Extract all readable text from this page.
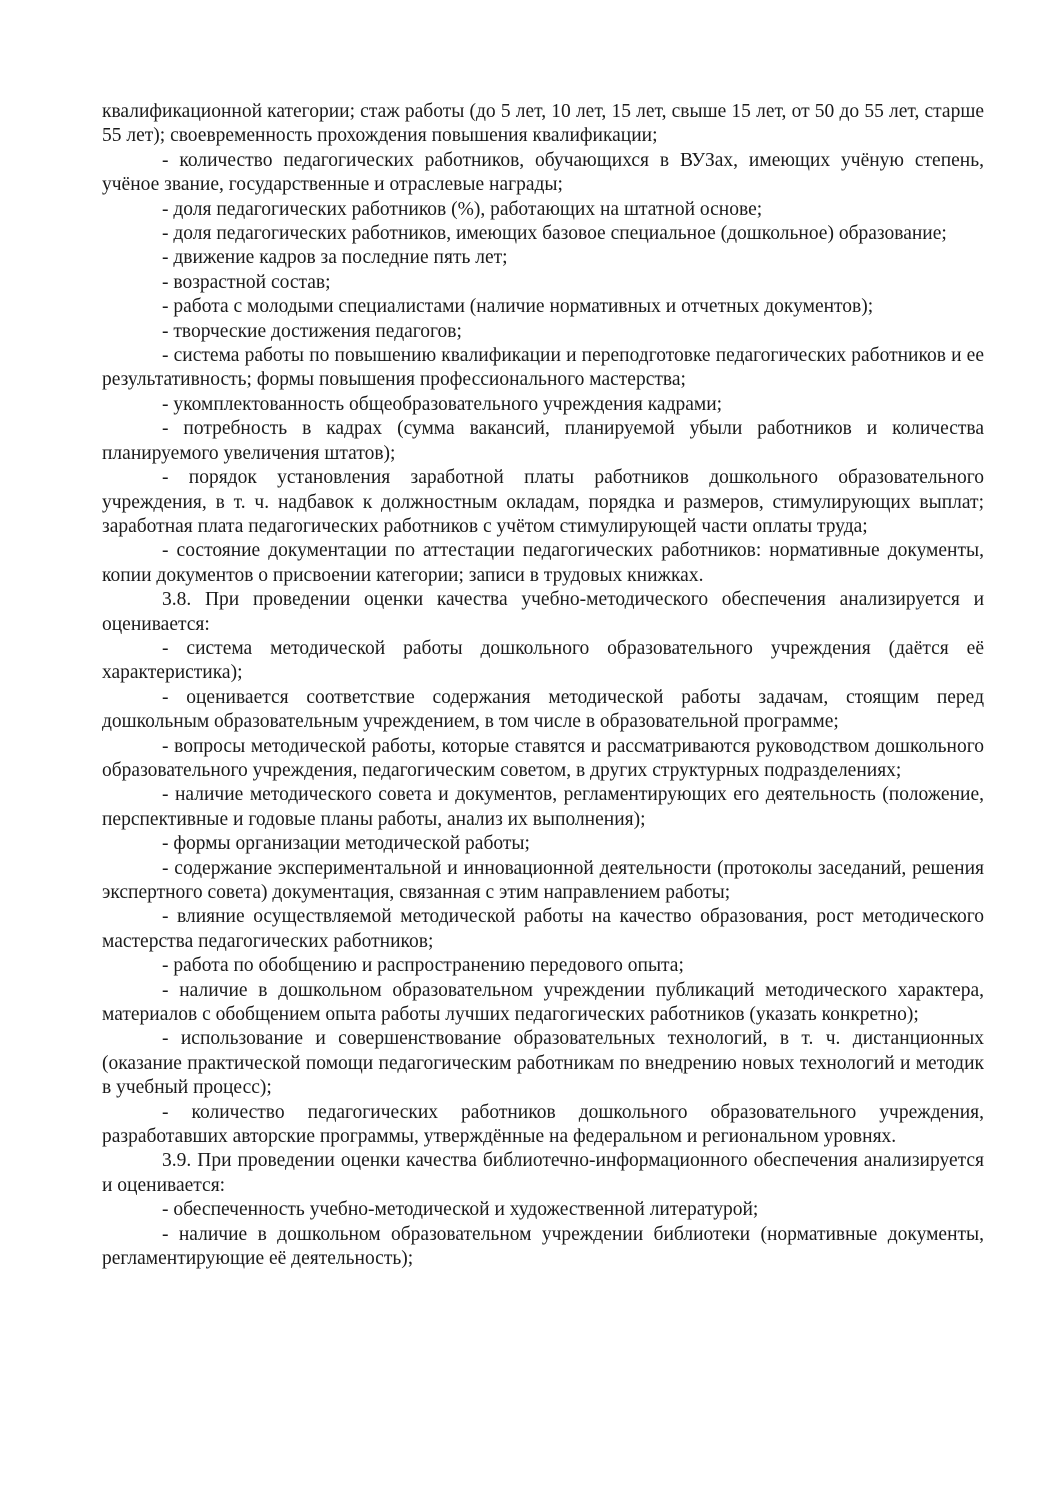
квалификационной категории; стаж работы (до 5 лет, 10 лет, 15 лет, свыше 15 лет, от 50 до 55 лет, старше 55 лет); своевременность прохождения повышения квалификации;

- количество педагогических работников, обучающихся в ВУЗах, имеющих учёную степень, учёное звание, государственные и отраслевые награды;

- доля педагогических работников (%), работающих на штатной основе;

- доля педагогических работников, имеющих базовое специальное (дошкольное) образование;

- движение кадров за последние пять лет;

- возрастной состав;

- работа с молодыми специалистами (наличие нормативных и отчетных документов);

- творческие достижения педагогов;

- система работы по повышению квалификации и переподготовке педагогических работников и ее результативность; формы повышения профессионального мастерства;

- укомплектованность общеобразовательного учреждения кадрами;

- потребность в кадрах (сумма вакансий, планируемой убыли работников и количества планируемого увеличения штатов);

- порядок установления заработной платы работников дошкольного образовательного учреждения, в т. ч. надбавок к должностным окладам, порядка и размеров, стимулирующих выплат; заработная плата педагогических работников с учётом стимулирующей части оплаты труда;

- состояние документации по аттестации педагогических работников: нормативные документы, копии документов о присвоении категории; записи в трудовых книжках.

3.8. При проведении оценки качества учебно-методического обеспечения анализируется и оценивается:

- система методической работы дошкольного образовательного учреждения (даётся её характеристика);

- оценивается соответствие содержания методической работы задачам, стоящим перед дошкольным образовательным учреждением, в том числе в образовательной программе;

- вопросы методической работы, которые ставятся и рассматриваются руководством дошкольного образовательного учреждения, педагогическим советом, в других структурных подразделениях;

- наличие методического совета и документов, регламентирующих его деятельность (положение, перспективные и годовые планы работы, анализ их выполнения);

- формы организации методической работы;

- содержание экспериментальной и инновационной деятельности (протоколы заседаний, решения экспертного совета) документация, связанная с этим направлением работы;

- влияние осуществляемой методической работы на качество образования, рост методического мастерства педагогических работников;

- работа по обобщению и распространению передового опыта;

- наличие в дошкольном образовательном учреждении публикаций методического характера, материалов с обобщением опыта работы лучших педагогических работников (указать конкретно);

- использование и совершенствование образовательных технологий, в т. ч. дистанционных (оказание практической помощи педагогическим работникам по внедрению новых технологий и методик в учебный процесс);

- количество педагогических работников дошкольного образовательного учреждения, разработавших авторские программы, утверждённые на федеральном и региональном уровнях.

3.9. При проведении оценки качества библиотечно-информационного обеспечения анализируется и оценивается:

- обеспеченность учебно-методической и художественной литературой;

- наличие в дошкольном образовательном учреждении библиотеки (нормативные документы, регламентирующие её деятельность);
